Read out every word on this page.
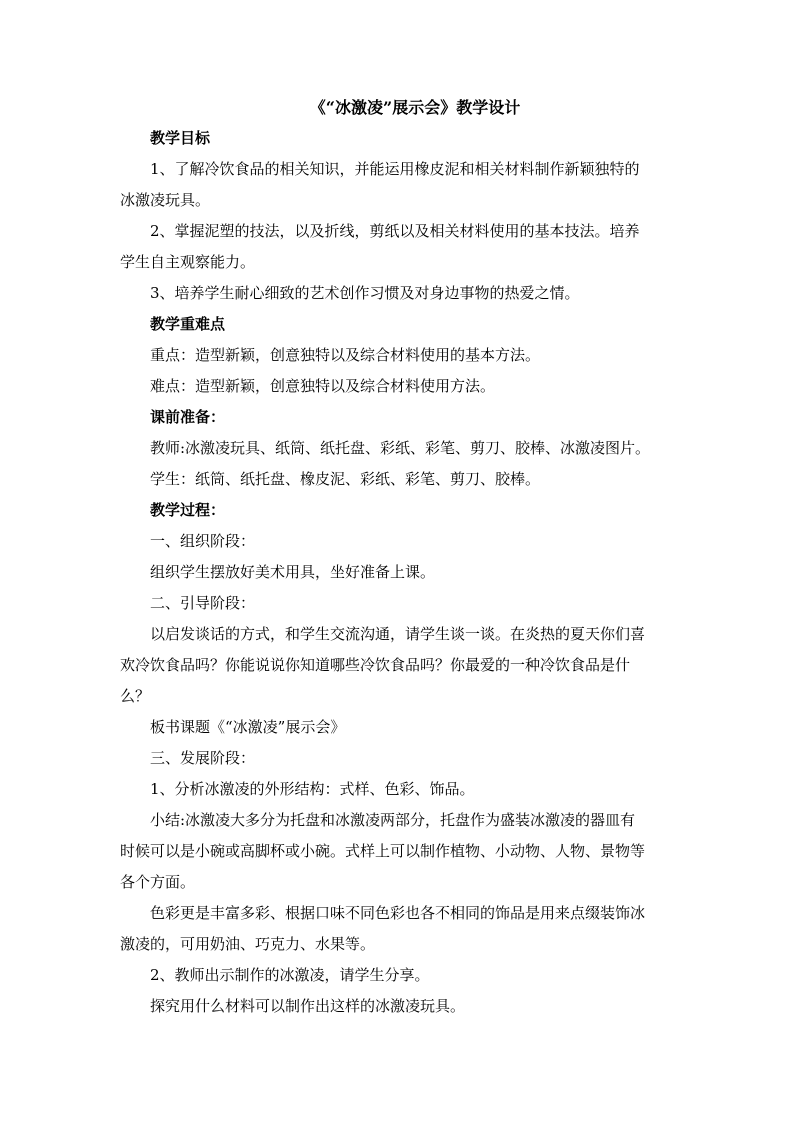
《“冰激凌”展示会》教学设计

教学目标

1、了解冷饮食品的相关知识，并能运用橡皮泥和相关材料制作新颖独特的

冰激凌玩具。

2、掌握泥塑的技法，以及折线，剪纸以及相关材料使用的基本技法。培养

学生自主观察能力。

3、培养学生耐心细致的艺术创作习惯及对身边事物的热爱之情。

教学重难点

重点：造型新颖，创意独特以及综合材料使用的基本方法。

难点：造型新颖，创意独特以及综合材料使用方法。

课前准备：

教师:冰激凌玩具、纸筒、纸托盘、彩纸、彩笔、剪刀、胶棒、冰激凌图片。

学生：纸筒、纸托盘、橡皮泥、彩纸、彩笔、剪刀、胶棒。

教学过程：

一、组织阶段：

组织学生摆放好美术用具，坐好准备上课。

二、引导阶段：

以启发谈话的方式，和学生交流沟通，请学生谈一谈。在炎热的夏天你们喜

欢冷饮食品吗？你能说说你知道哪些冷饮食品吗？你最爱的一种冷饮食品是什

么？

板书课题《“冰激凌”展示会》

三、发展阶段：

1、分析冰激凌的外形结构：式样、色彩、饰品。

小结:冰激凌大多分为托盘和冰激凌两部分，托盘作为盛装冰激凌的器皿有

时候可以是小碗或高脚杯或小碗。式样上可以制作植物、小动物、人物、景物等

各个方面。

色彩更是丰富多彩、根据口味不同色彩也各不相同的饰品是用来点缀装饰冰

激凌的，可用奶油、巧克力、水果等。

2、教师出示制作的冰激凌，请学生分享。

探究用什么材料可以制作出这样的冰激凌玩具。
